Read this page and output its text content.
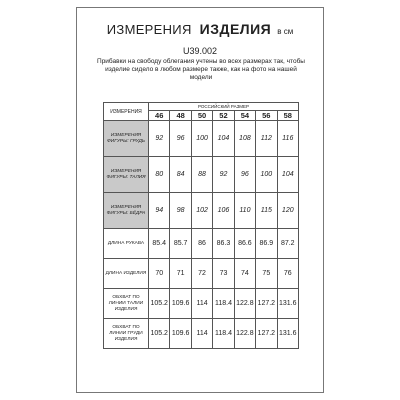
ИЗМЕРЕНИЯ ИЗДЕЛИЯ в см
U39.002
Прибавки на свободу облегания учтены во всех размерах так, чтобы изделие сидело в любом размере также, как на фото на нашей модели
ИЗМЕРЕНИЯ	РОССИЙСКИЙ РАЗМЕР						
	46	48	50	52	54	56	58
ИЗМЕРЕНИЯ ФИГУРЫ: ГРУДЬ	92	96	100	104	108	112	116
ИЗМЕРЕНИЯ ФИГУРЫ: ТАЛИЯ	80	84	88	92	96	100	104
ИЗМЕРЕНИЯ ФИГУРЫ: БЁДРА	94	98	102	106	110	115	120
ДЛИНА РУКАВА	85.4	85.7	86	86.3	86.6	86.9	87.2
ДЛИНА ИЗДЕЛИЯ	70	71	72	73	74	75	76
ОБХВАТ ПО ЛИНИИ ТАЛИИ ИЗДЕЛИЯ	105.2	109.6	114	118.4	122.8	127.2	131.6
ОБХВАТ ПО ЛИНИИ ГРУДИ ИЗДЕЛИЯ	105.2	109.6	114	118.4	122.8	127.2	131.6
